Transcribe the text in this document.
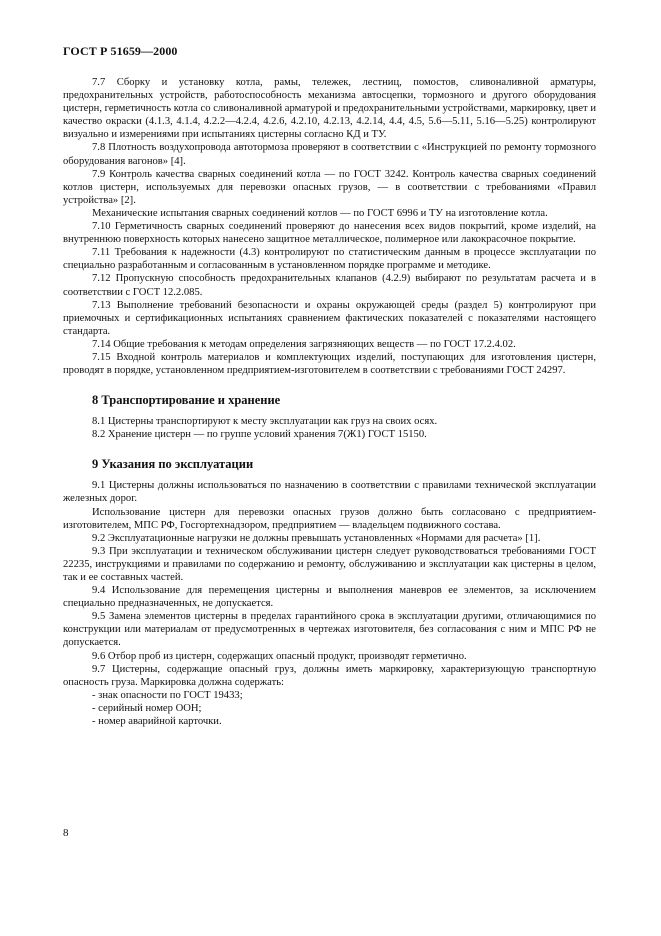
ГОСТ Р 51659—2000

7.7 Сборку и установку котла, рамы, тележек, лестниц, помостов, сливоналивной арматуры, предохранительных устройств, работоспособность механизма автосцепки, тормозного и другого оборудования цистерн, герметичность котла со сливоналивной арматурой и предохранительными устройствами, маркировку, цвет и качество окраски (4.1.3, 4.1.4, 4.2.2—4.2.4, 4.2.6, 4.2.10, 4.2.13, 4.2.14, 4.4, 4.5, 5.6—5.11, 5.16—5.25) контролируют визуально и измерениями при испытаниях цистерны согласно КД и ТУ.

7.8 Плотность воздухопровода автотормоза проверяют в соответствии с «Инструкцией по ремонту тормозного оборудования вагонов» [4].

7.9 Контроль качества сварных соединений котла — по ГОСТ 3242. Контроль качества сварных соединений котлов цистерн, используемых для перевозки опасных грузов, — в соответствии с требованиями «Правил устройства» [2].

Механические испытания сварных соединений котлов — по ГОСТ 6996 и ТУ на изготовление котла.

7.10 Герметичность сварных соединений проверяют до нанесения всех видов покрытий, кроме изделий, на внутреннюю поверхность которых нанесено защитное металлическое, полимерное или лакокрасочное покрытие.

7.11 Требования к надежности (4.3) контролируют по статистическим данным в процессе эксплуатации по специально разработанным и согласованным в установленном порядке программе и методике.

7.12 Пропускную способность предохранительных клапанов (4.2.9) выбирают по результатам расчета и в соответствии с ГОСТ 12.2.085.

7.13 Выполнение требований безопасности и охраны окружающей среды (раздел 5) контролируют при приемочных и сертификационных испытаниях сравнением фактических показателей с показателями настоящего стандарта.

7.14 Общие требования к методам определения загрязняющих веществ — по ГОСТ 17.2.4.02.

7.15 Входной контроль материалов и комплектующих изделий, поступающих для изготовления цистерн, проводят в порядке, установленном предприятием-изготовителем в соответствии с требованиями ГОСТ 24297.

8 Транспортирование и хранение

8.1 Цистерны транспортируют к месту эксплуатации как груз на своих осях.

8.2 Хранение цистерн — по группе условий хранения 7(Ж1) ГОСТ 15150.

9 Указания по эксплуатации

9.1 Цистерны должны использоваться по назначению в соответствии с правилами технической эксплуатации железных дорог.

Использование цистерн для перевозки опасных грузов должно быть согласовано с предприятием-изготовителем, МПС РФ, Госгортехнадзором, предприятием — владельцем подвижного состава.

9.2 Эксплуатационные нагрузки не должны превышать установленных «Нормами для расчета» [1].

9.3 При эксплуатации и техническом обслуживании цистерн следует руководствоваться требованиями ГОСТ 22235, инструкциями и правилами по содержанию и ремонту, обслуживанию и эксплуатации как цистерны в целом, так и ее составных частей.

9.4 Использование для перемещения цистерны и выполнения маневров ее элементов, за исключением специально предназначенных, не допускается.

9.5 Замена элементов цистерны в пределах гарантийного срока в эксплуатации другими, отличающимися по конструкции или материалам от предусмотренных в чертежах изготовителя, без согласования с ним и МПС РФ не допускается.

9.6 Отбор проб из цистерн, содержащих опасный продукт, производят герметично.

9.7 Цистерны, содержащие опасный груз, должны иметь маркировку, характеризующую транспортную опасность груза. Маркировка должна содержать:

- знак опасности по ГОСТ 19433;
- серийный номер ООН;
- номер аварийной карточки.
8
